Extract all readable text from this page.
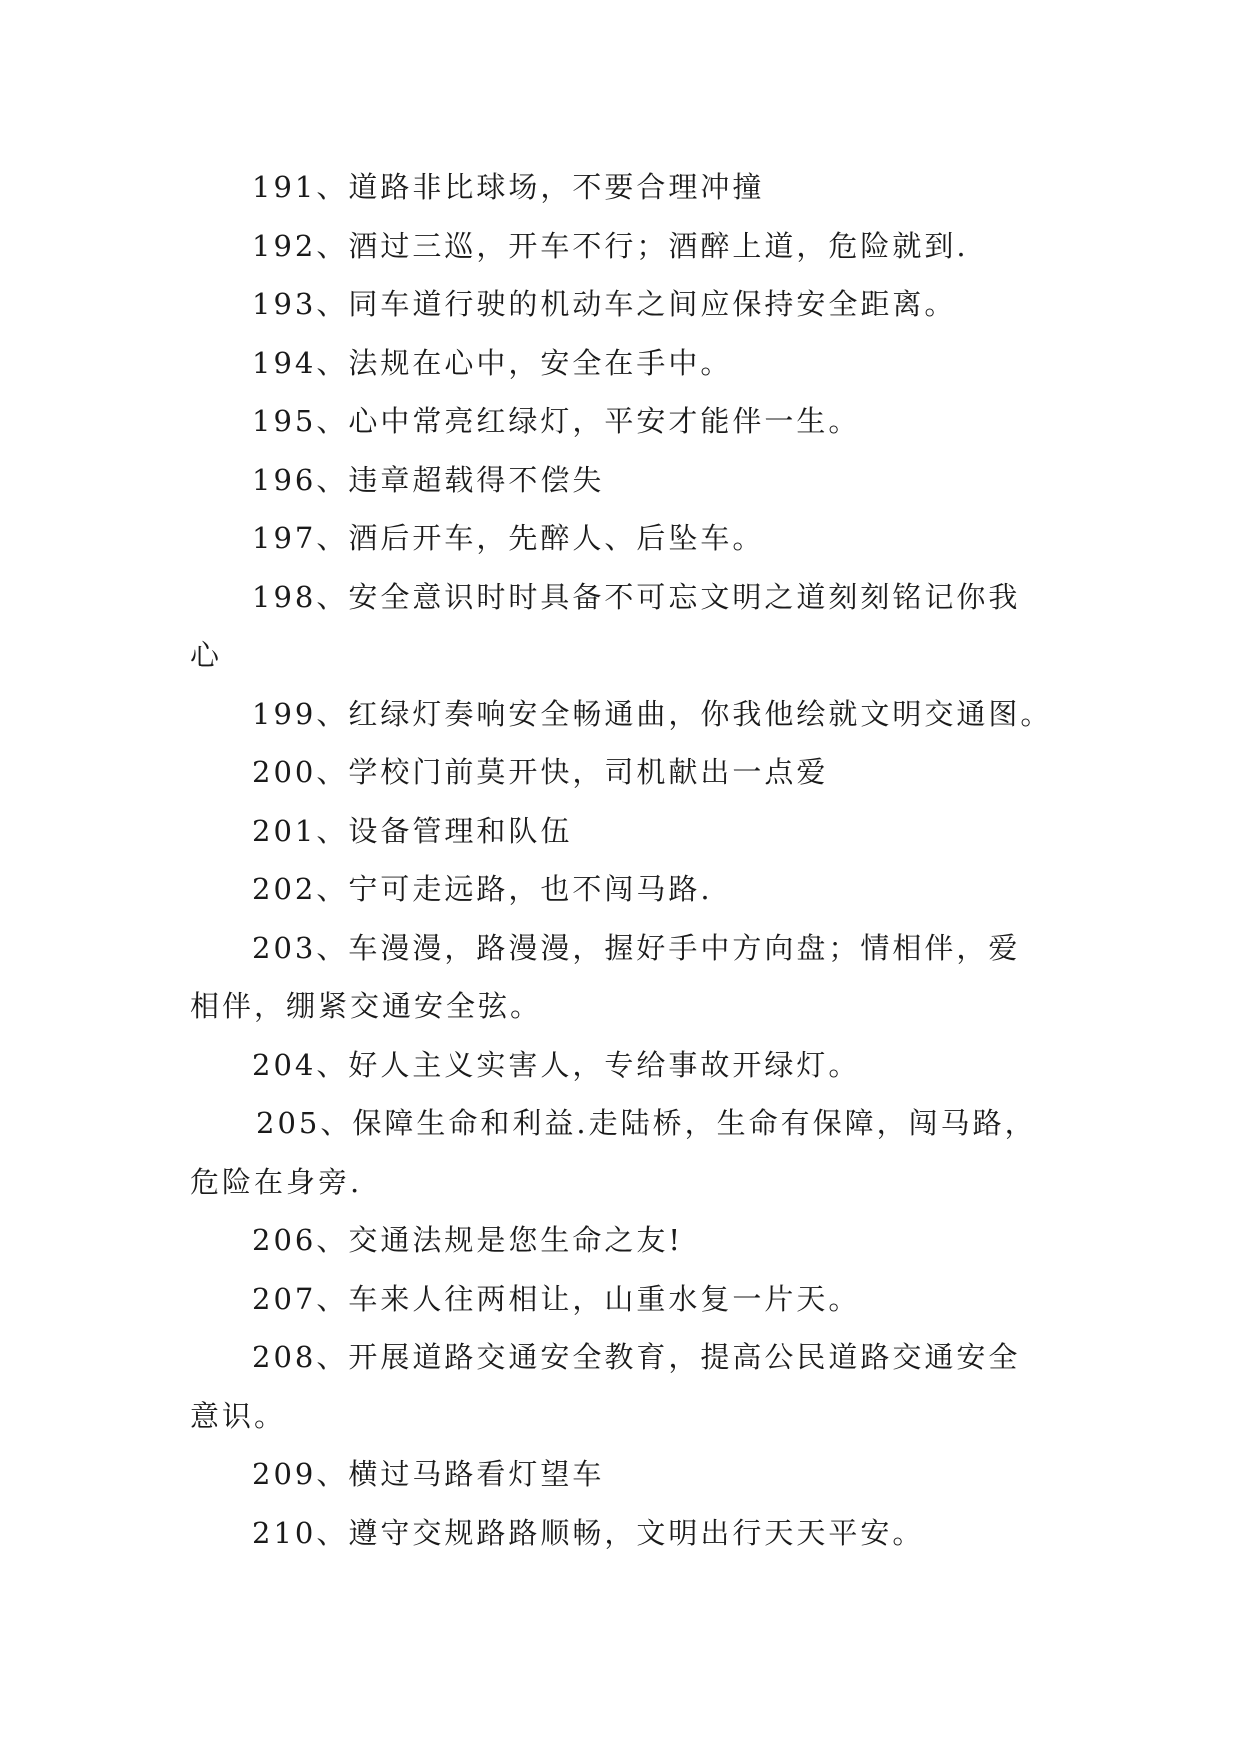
191、道路非比球场，不要合理冲撞

192、酒过三巡，开车不行；酒醉上道，危险就到.

193、同车道行驶的机动车之间应保持安全距离。

194、法规在心中，安全在手中。

195、心中常亮红绿灯，平安才能伴一生。

196、违章超载得不偿失

197、酒后开车，先醉人、后坠车。

198、安全意识时时具备不可忘文明之道刻刻铭记你我心

199、红绿灯奏响安全畅通曲，你我他绘就文明交通图。

200、学校门前莫开快，司机献出一点爱

201、设备管理和队伍

202、宁可走远路，也不闯马路.

203、车漫漫，路漫漫，握好手中方向盘；情相伴，爱相伴，绷紧交通安全弦。

204、好人主义实害人，专给事故开绿灯。

205、保障生命和利益.走陆桥，生命有保障，闯马路，危险在身旁.

206、交通法规是您生命之友!

207、车来人往两相让，山重水复一片天。

208、开展道路交通安全教育，提高公民道路交通安全意识。

209、横过马路看灯望车

210、遵守交规路路顺畅，文明出行天天平安。
